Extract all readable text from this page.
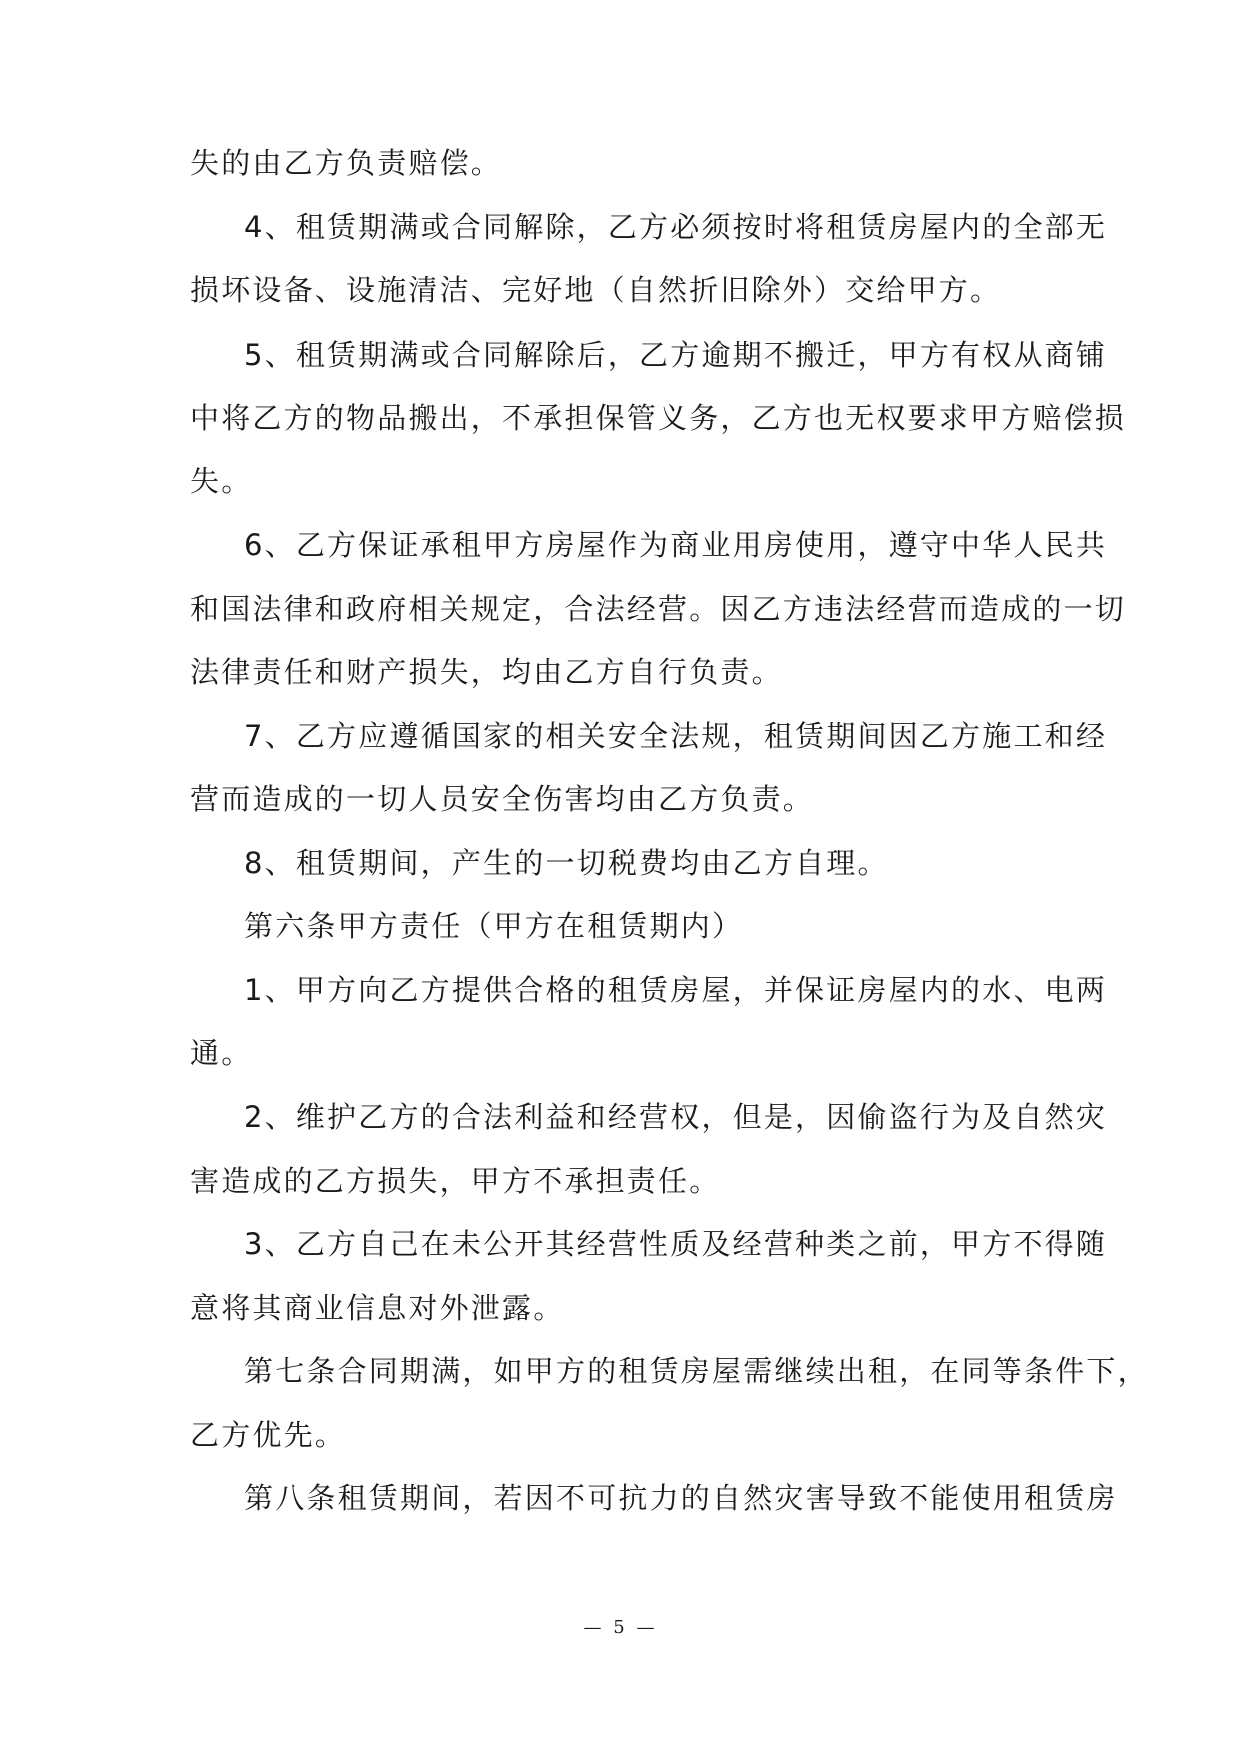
失的由乙方负责赔偿。
4、租赁期满或合同解除，乙方必须按时将租赁房屋内的全部无
损坏设备、设施清洁、完好地（自然折旧除外）交给甲方。
5、租赁期满或合同解除后，乙方逾期不搬迁，甲方有权从商铺
中将乙方的物品搬出，不承担保管义务，乙方也无权要求甲方赔偿损
失。
6、乙方保证承租甲方房屋作为商业用房使用，遵守中华人民共
和国法律和政府相关规定，合法经营。因乙方违法经营而造成的一切
法律责任和财产损失，均由乙方自行负责。
7、乙方应遵循国家的相关安全法规，租赁期间因乙方施工和经
营而造成的一切人员安全伤害均由乙方负责。
8、租赁期间，产生的一切税费均由乙方自理。
第六条甲方责任（甲方在租赁期内）
1、甲方向乙方提供合格的租赁房屋，并保证房屋内的水、电两
通。
2、维护乙方的合法利益和经营权，但是，因偷盗行为及自然灾
害造成的乙方损失，甲方不承担责任。
3、乙方自己在未公开其经营性质及经营种类之前，甲方不得随
意将其商业信息对外泄露。
第七条合同期满，如甲方的租赁房屋需继续出租，在同等条件下，
乙方优先。
第八条租赁期间，若因不可抗力的自然灾害导致不能使用租赁房
— 5 —
